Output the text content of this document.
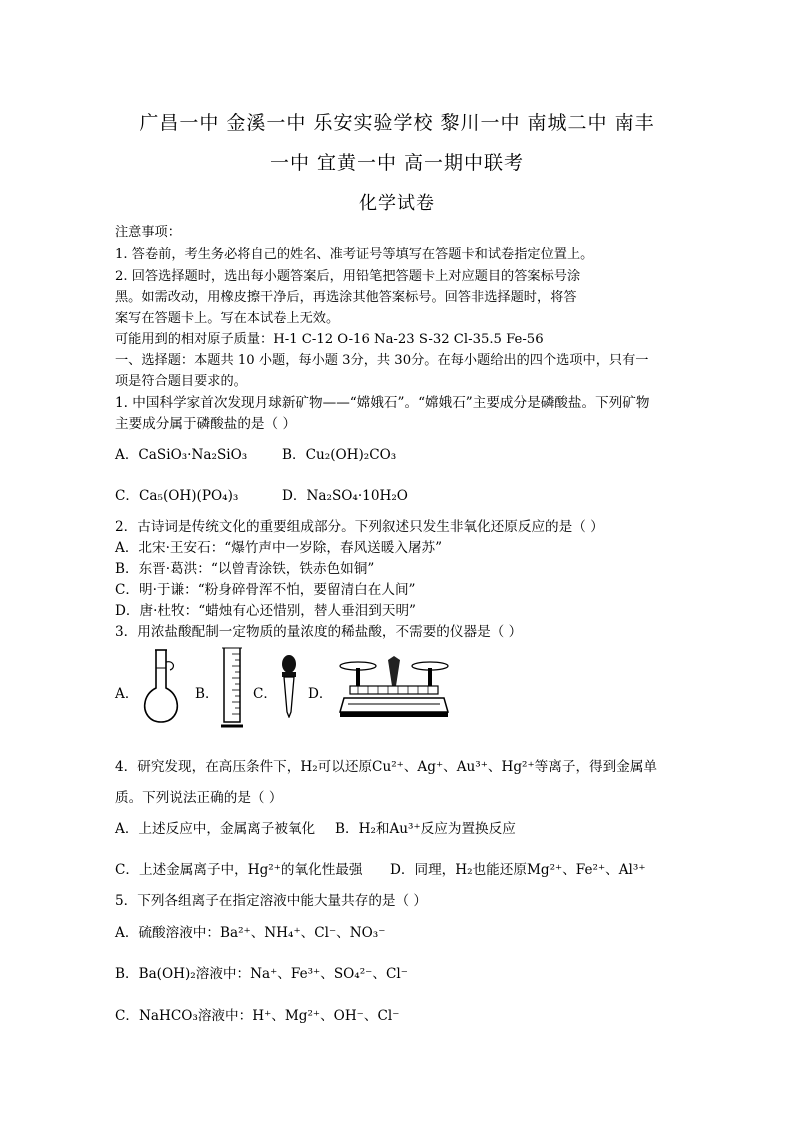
广昌一中 金溪一中 乐安实验学校 黎川一中 南城二中 南丰
一中 宜黄一中 高一期中联考
化学试卷
注意事项：
1. 答卷前，考生务必将自己的姓名、准考证号等填写在答题卡和试卷指定位置上。
2. 回答选择题时，选出每小题答案后，用铅笔把答题卡上对应题目的答案标号涂
黑。如需改动，用橡皮擦干净后，再选涂其他答案标号。回答非选择题时，将答
案写在答题卡上。写在本试卷上无效。
可能用到的相对原子质量：H-1 C-12 O-16 Na-23 S-32 Cl-35.5 Fe-56
一、选择题：本题共 10 小题，每小题 3分，共 30分。在每小题给出的四个选项中，只有一
项是符合题目要求的。
1. 中国科学家首次发现月球新矿物——“嫦娥石”。“嫦娥石”主要成分是磷酸盐。下列矿物
主要成分属于磷酸盐的是（ ）
A．CaSiO₃·Na₂SiO₃	B．Cu₂(OH)₂CO₃
C．Ca₅(OH)(PO₄)₃	D．Na₂SO₄·10H₂O
2．古诗词是传统文化的重要组成部分。下列叙述只发生非氧化还原反应的是（ ）
A．北宋·王安石：“爆竹声中一岁除，春风送暖入屠苏”
B．东晋·葛洪：“以曾青涂铁，铁赤色如铜”
C．明·于谦：“粉身碎骨浑不怕，要留清白在人间”
D．唐·杜牧：“蜡烛有心还惜别，替人垂泪到天明”
3．用浓盐酸配制一定物质的量浓度的稀盐酸，不需要的仪器是（ ）
A．	B．	C． D．
4．研究发现，在高压条件下，H₂可以还原Cu²⁺、Ag⁺、Au³⁺、Hg²⁺等离子，得到金属单
质。下列说法正确的是（ ）
A．上述反应中，金属离子被氧化 B．H₂和Au³⁺反应为置换反应
C．上述金属离子中，Hg²⁺的氧化性最强 D．同理，H₂也能还原Mg²⁺、Fe²⁺、Al³⁺
5．下列各组离子在指定溶液中能大量共存的是（ ）
A．硫酸溶液中：Ba²⁺、NH₄⁺、Cl⁻、NO₃⁻
B．Ba(OH)₂溶液中：Na⁺、Fe³⁺、SO₄²⁻、Cl⁻
C．NaHCO₃溶液中：H⁺、Mg²⁺、OH⁻、Cl⁻
